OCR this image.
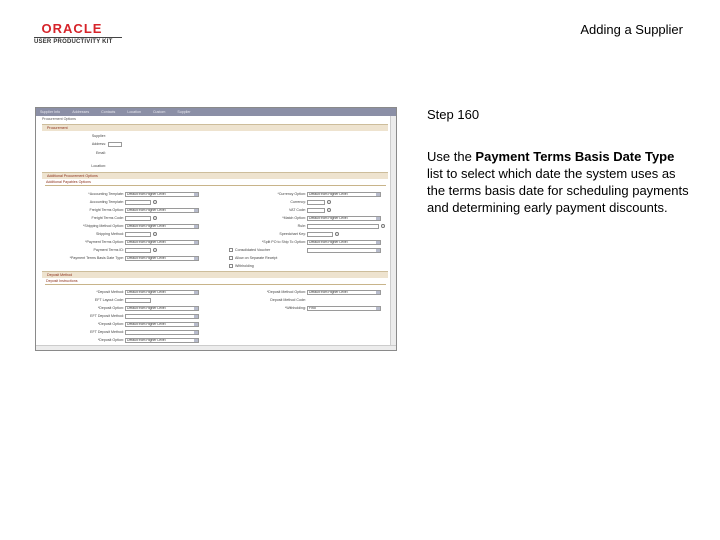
ORACLE
USER PRODUCTIVITY KIT
Adding a Supplier
Supplier Info	Addresses	Contacts	Location	Custom	Supplier
Procurement Options
Procurement
Supplier:
Address:
Email:
Location:
Additional Procurement Options
Additional Payables Options
*Accounting Template: Default from Higher Level
Accounting Template:
Freight Terms Option: Default from Higher Level
Freight Terms Code:
*Shipping Method Option: Default from Higher Level
Shipping Method:
*Payment Terms Option: Default from Higher Level
Payment Terms ID:
*Payment Terms Basis Date Type: Default from Higher Level
*Currency Option: Default from Higher Level
Currency:
VAT Code:
*Match Option: Default from Higher Level
Rule:
Speedchart Key:
*Split PO to Ship To Option: Default from Higher Level
Consolidated Voucher
Allow on Separate Receipt
Withholding
Deposit Method
Deposit Instructions
*Deposit Method: Default from Higher Level
EFT Layout Code:
*Deposit Option: Default from Higher Level
EFT Deposit Method:
*Deposit Option: Default from Higher Level
EFT Deposit Method:
*Deposit Option: Default from Higher Level
*Deposit Method Option: Default from Higher Level
Deposit Method Code:
*Withholding: Find
Step 160
Use the Payment Terms Basis Date Type list to select which date the system uses as the terms basis date for scheduling payments and determining early payment discounts.
